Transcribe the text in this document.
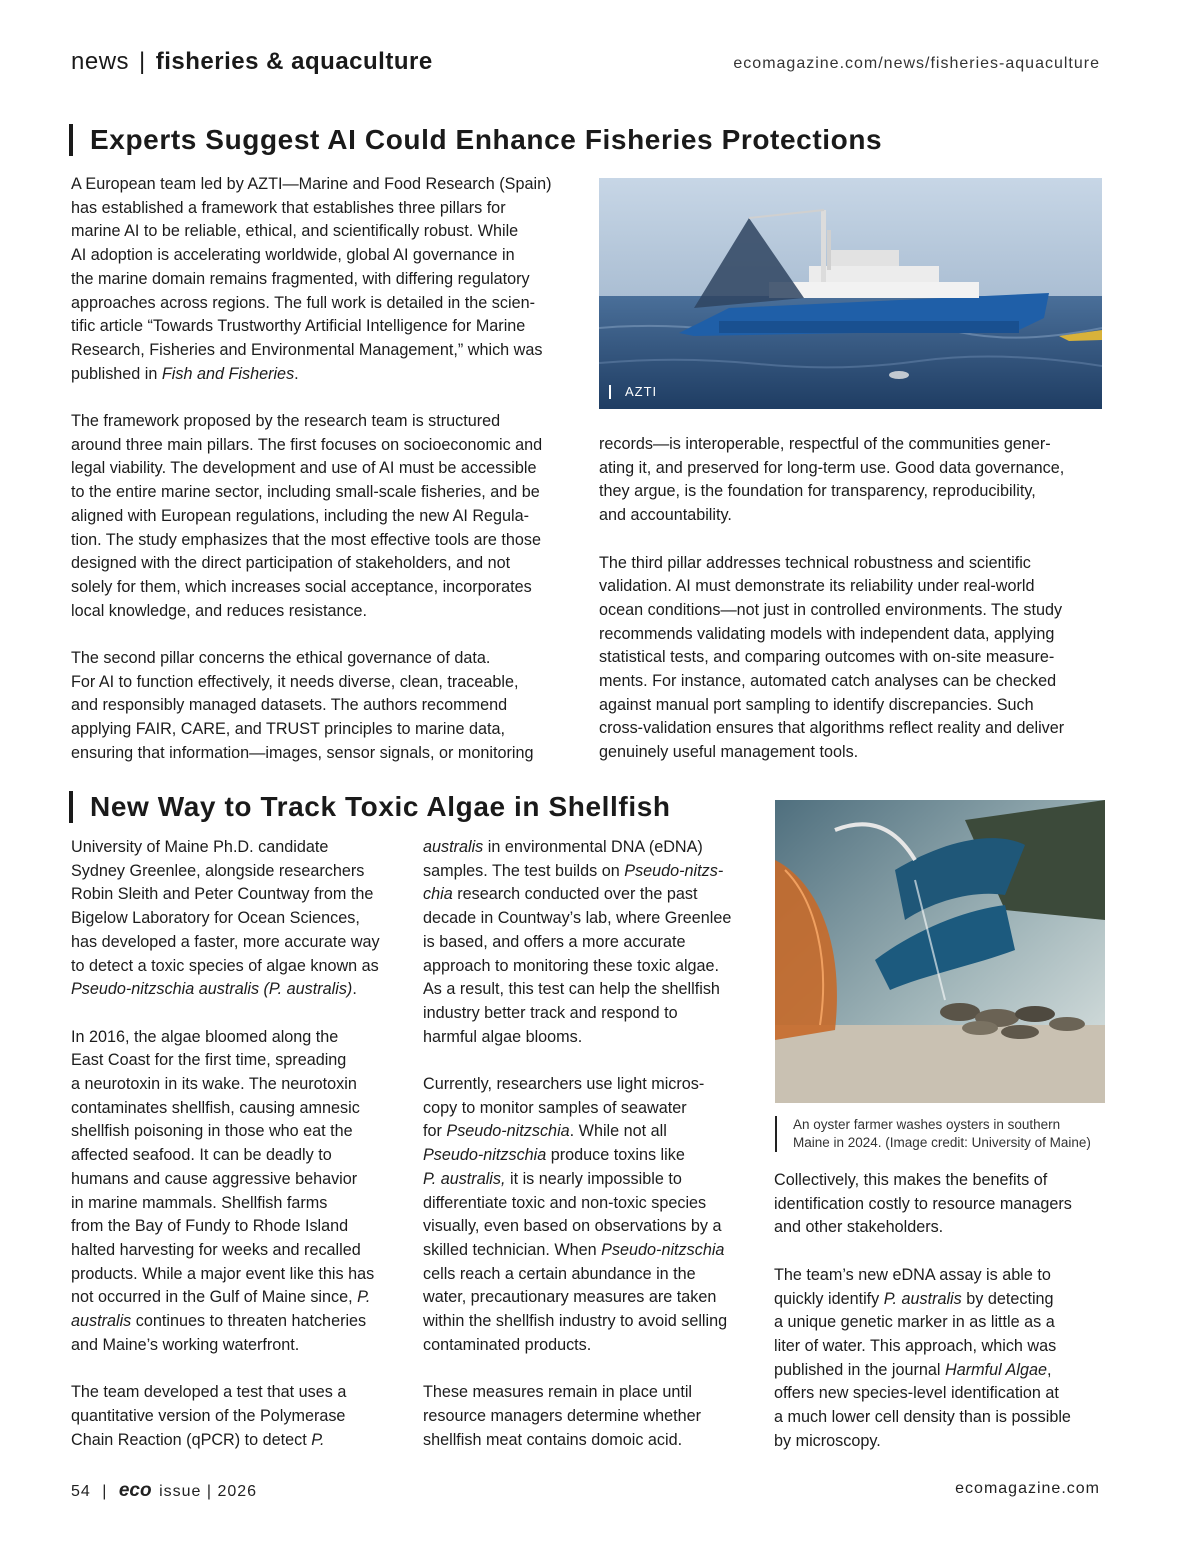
news | fisheries & aquaculture	ecomagazine.com/news/fisheries-aquaculture
Experts Suggest AI Could Enhance Fisheries Protections
A European team led by AZTI—Marine and Food Research (Spain)
has established a framework that establishes three pillars for
marine AI to be reliable, ethical, and scientifically robust. While
AI adoption is accelerating worldwide, global AI governance in
the marine domain remains fragmented, with differing regulatory
approaches across regions. The full work is detailed in the scien-
tific article “Towards Trustworthy Artificial Intelligence for Marine
Research, Fisheries and Environmental Management,” which was
published in Fish and Fisheries.
The framework proposed by the research team is structured
around three main pillars. The first focuses on socioeconomic and
legal viability. The development and use of AI must be accessible
to the entire marine sector, including small-scale fisheries, and be
aligned with European regulations, including the new AI Regula-
tion. The study emphasizes that the most effective tools are those
designed with the direct participation of stakeholders, and not
solely for them, which increases social acceptance, incorporates
local knowledge, and reduces resistance.
The second pillar concerns the ethical governance of data.
For AI to function effectively, it needs diverse, clean, traceable,
and responsibly managed datasets. The authors recommend
applying FAIR, CARE, and TRUST principles to marine data,
ensuring that information—images, sensor signals, or monitoring
AZTI
records—is interoperable, respectful of the communities gener-
ating it, and preserved for long-term use. Good data governance,
they argue, is the foundation for transparency, reproducibility,
and accountability.
The third pillar addresses technical robustness and scientific
validation. AI must demonstrate its reliability under real-world
ocean conditions—not just in controlled environments. The study
recommends validating models with independent data, applying
statistical tests, and comparing outcomes with on-site measure-
ments. For instance, automated catch analyses can be checked
against manual port sampling to identify discrepancies. Such
cross-validation ensures that algorithms reflect reality and deliver
genuinely useful management tools.
New Way to Track Toxic Algae in Shellfish
University of Maine Ph.D. candidate
Sydney Greenlee, alongside researchers
Robin Sleith and Peter Countway from the
Bigelow Laboratory for Ocean Sciences,
has developed a faster, more accurate way
to detect a toxic species of algae known as
Pseudo-nitzschia australis (P. australis).
In 2016, the algae bloomed along the
East Coast for the first time, spreading
a neurotoxin in its wake. The neurotoxin
contaminates shellfish, causing amnesic
shellfish poisoning in those who eat the
affected seafood. It can be deadly to
humans and cause aggressive behavior
in marine mammals. Shellfish farms
from the Bay of Fundy to Rhode Island
halted harvesting for weeks and recalled
products. While a major event like this has
not occurred in the Gulf of Maine since, P.
australis continues to threaten hatcheries
and Maine’s working waterfront.
The team developed a test that uses a
quantitative version of the Polymerase
Chain Reaction (qPCR) to detect P.
australis in environmental DNA (eDNA)
samples. The test builds on Pseudo-nitzs-
chia research conducted over the past
decade in Countway’s lab, where Greenlee
is based, and offers a more accurate
approach to monitoring these toxic algae.
As a result, this test can help the shellfish
industry better track and respond to
harmful algae blooms.
Currently, researchers use light micros-
copy to monitor samples of seawater
for Pseudo-nitzschia. While not all
Pseudo-nitzschia produce toxins like
P. australis, it is nearly impossible to
differentiate toxic and non-toxic species
visually, even based on observations by a
skilled technician. When Pseudo-nitzschia
cells reach a certain abundance in the
water, precautionary measures are taken
within the shellfish industry to avoid selling
contaminated products.
These measures remain in place until
resource managers determine whether
shellfish meat contains domoic acid.
An oyster farmer washes oysters in southern
Maine in 2024. (Image credit: University of Maine)
Collectively, this makes the benefits of
identification costly to resource managers
and other stakeholders.
The team’s new eDNA assay is able to
quickly identify P. australis by detecting
a unique genetic marker in as little as a
liter of water. This approach, which was
published in the journal Harmful Algae,
offers new species-level identification at
a much lower cell density than is possible
by microscopy.
54 | eco issue | 2026	ecomagazine.com
